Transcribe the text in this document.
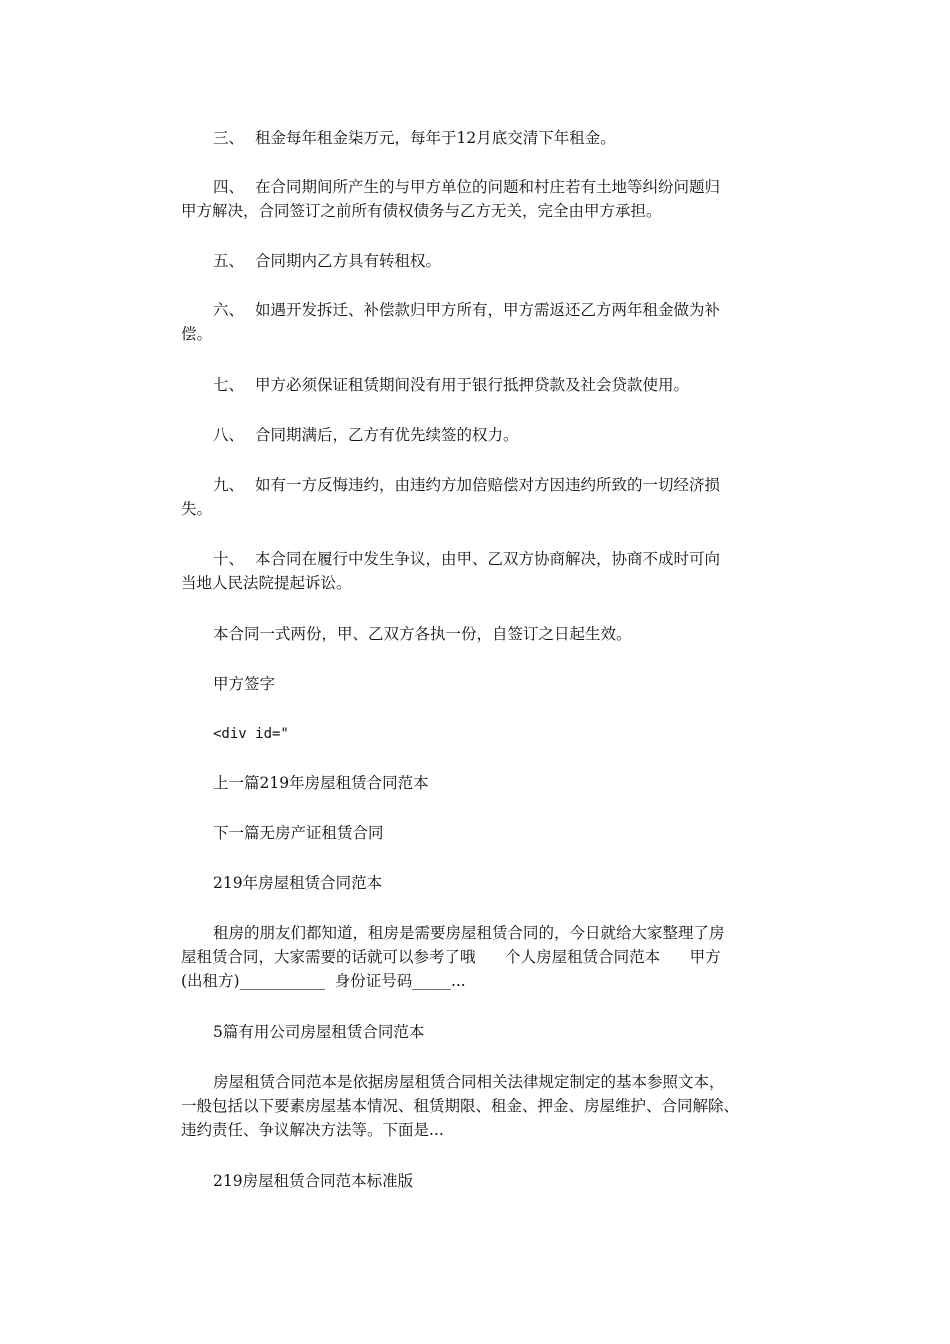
三、 租金每年租金柒万元，每年于12月底交清下年租金。

四、 在合同期间所产生的与甲方单位的问题和村庄若有土地等纠纷问题归
甲方解决，合同签订之前所有债权债务与乙方无关，完全由甲方承担。

五、 合同期内乙方具有转租权。

六、 如遇开发拆迁、补偿款归甲方所有，甲方需返还乙方两年租金做为补
偿。

七、 甲方必须保证租赁期间没有用于银行抵押贷款及社会贷款使用。

八、 合同期满后，乙方有优先续签的权力。

九、 如有一方反悔违约，由违约方加倍赔偿对方因违约所致的一切经济损
失。

十、 本合同在履行中发生争议，由甲、乙双方协商解决，协商不成时可向
当地人民法院提起诉讼。

本合同一式两份，甲、乙双方各执一份，自签订之日起生效。

甲方签字

<div id="

上一篇219年房屋租赁合同范本

下一篇无房产证租赁合同

219年房屋租赁合同范本

租房的朋友们都知道，租房是需要房屋租赁合同的，今日就给大家整理了房
屋租赁合同，大家需要的话就可以参考了哦      个人房屋租赁合同范本      甲方
(出租方)___________  身份证号码_____...

5篇有用公司房屋租赁合同范本

房屋租赁合同范本是依据房屋租赁合同相关法律规定制定的基本参照文本，
一般包括以下要素房屋基本情况、租赁期限、租金、押金、房屋维护、合同解除、
违约责任、争议解决方法等。下面是...

219房屋租赁合同范本标准版
